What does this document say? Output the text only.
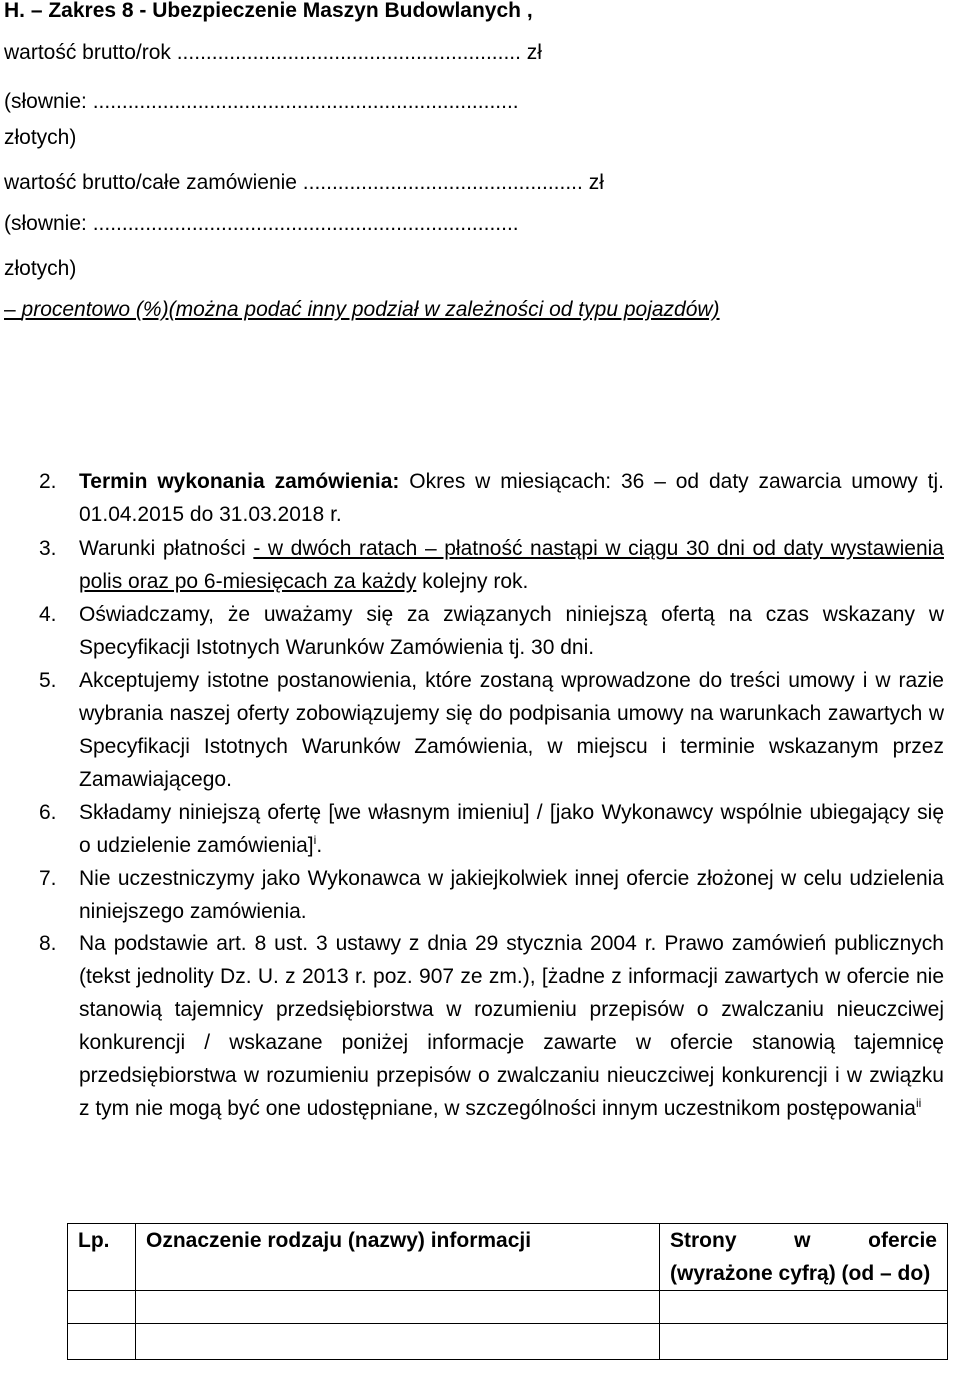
H. – Zakres 8 - Ubezpieczenie Maszyn Budowlanych ,
wartość brutto/rok ........................................................... zł
(słownie: .........................................................................
złotych)
wartość brutto/całe zamówienie ................................................ zł
(słownie: .........................................................................
złotych)
– procentowo (%)(można podać inny podział w zależności od typu pojazdów)
2. Termin wykonania zamówienia: Okres w miesiącach: 36 – od daty zawarcia umowy tj. 01.04.2015 do 31.03.2018 r.
3. Warunki płatności - w dwóch ratach – płatność nastąpi w ciągu 30 dni od daty wystawienia polis oraz po 6-miesięcach za każdy kolejny rok.
4. Oświadczamy, że uważamy się za związanych niniejszą ofertą na czas wskazany w Specyfikacji Istotnych Warunków Zamówienia tj. 30 dni.
5. Akceptujemy istotne postanowienia, które zostaną wprowadzone do treści umowy i w razie wybrania naszej oferty zobowiązujemy się do podpisania umowy na warunkach zawartych w Specyfikacji Istotnych Warunków Zamówienia, w miejscu i terminie wskazanym przez Zamawiającego.
6. Składamy niniejszą ofertę [we własnym imieniu] / [jako Wykonawcy wspólnie ubiegający się o udzielenie zamówienia]$^i$.
7. Nie uczestniczymy jako Wykonawca w jakiejkolwiek innej ofercie złożonej w celu udzielenia niniejszego zamówienia.
8. Na podstawie art. 8 ust. 3 ustawy z dnia 29 stycznia 2004 r. Prawo zamówień publicznych (tekst jednolity Dz. U. z 2013 r. poz. 907 ze zm.), [żadne z informacji zawartych w ofercie nie stanowią tajemnicy przedsiębiorstwa w rozumieniu przepisów o zwalczaniu nieuczciwej konkurencji / wskazane poniżej informacje zawarte w ofercie stanowią tajemnicę przedsiębiorstwa w rozumieniu przepisów o zwalczaniu nieuczciwej konkurencji i w związku z tym nie mogą być one udostępniane, w szczególności innym uczestnikom postępowania$^{ii}$
Lp.	Oznaczenie rodzaju (nazwy) informacji	Strony w ofercie (wyrażone cyfrą) (od – do)
